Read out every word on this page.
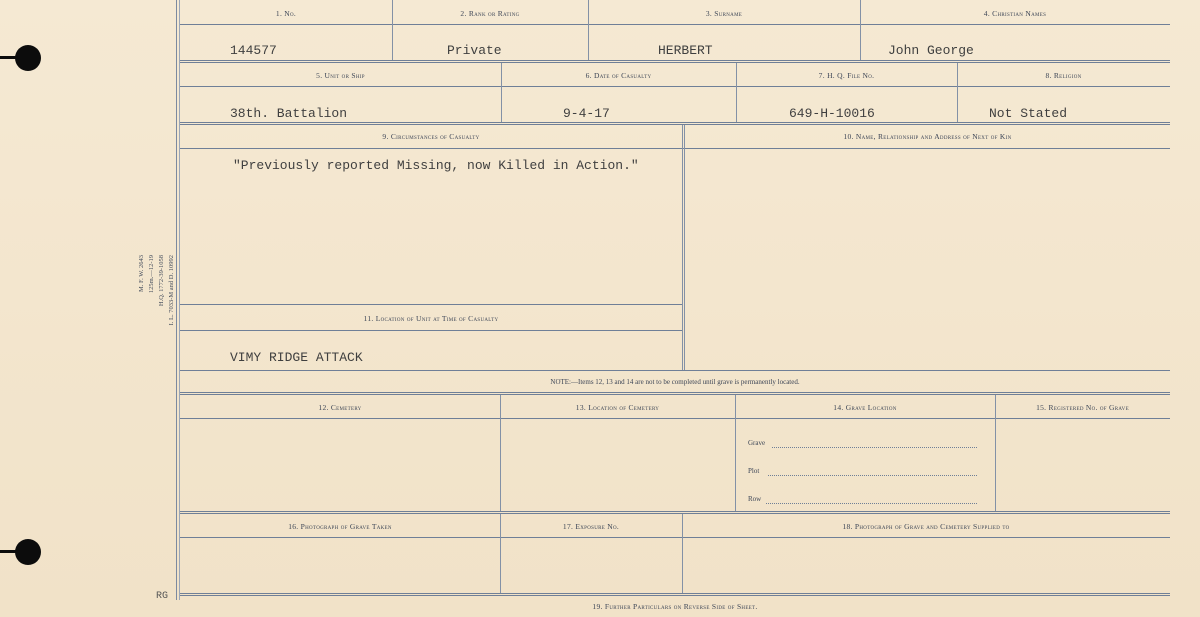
M. F. W. 2643 125m.—12-19 H.Q. 1772-39-1058 I. L. 7033-M and D. 10992
RG
1. No.	2. Rank or Rating	3. Surname	4. Christian Names
144577	Private	HERBERT	John George
5. Unit or Ship	6. Date of Casualty	7. H. Q. File No.	8. Religion
38th. Battalion	9-4-17	649-H-10016	Not Stated
9. Circumstances of Casualty	10. Name, Relationship and Address of Next of Kin
"Previously reported Missing, now Killed in Action."
11. Location of Unit at Time of Casualty
VIMY RIDGE ATTACK
NOTE:—Items 12, 13 and 14 are not to be completed until grave is permanently located.
12. Cemetery	13. Location of Cemetery	14. Grave Location	15. Registered No. of Grave
Grave
Plot
Row
16. Photograph of Grave Taken	17. Exposure No.	18. Photograph of Grave and Cemetery Supplied to
19. Further Particulars on Reverse Side of Sheet.
